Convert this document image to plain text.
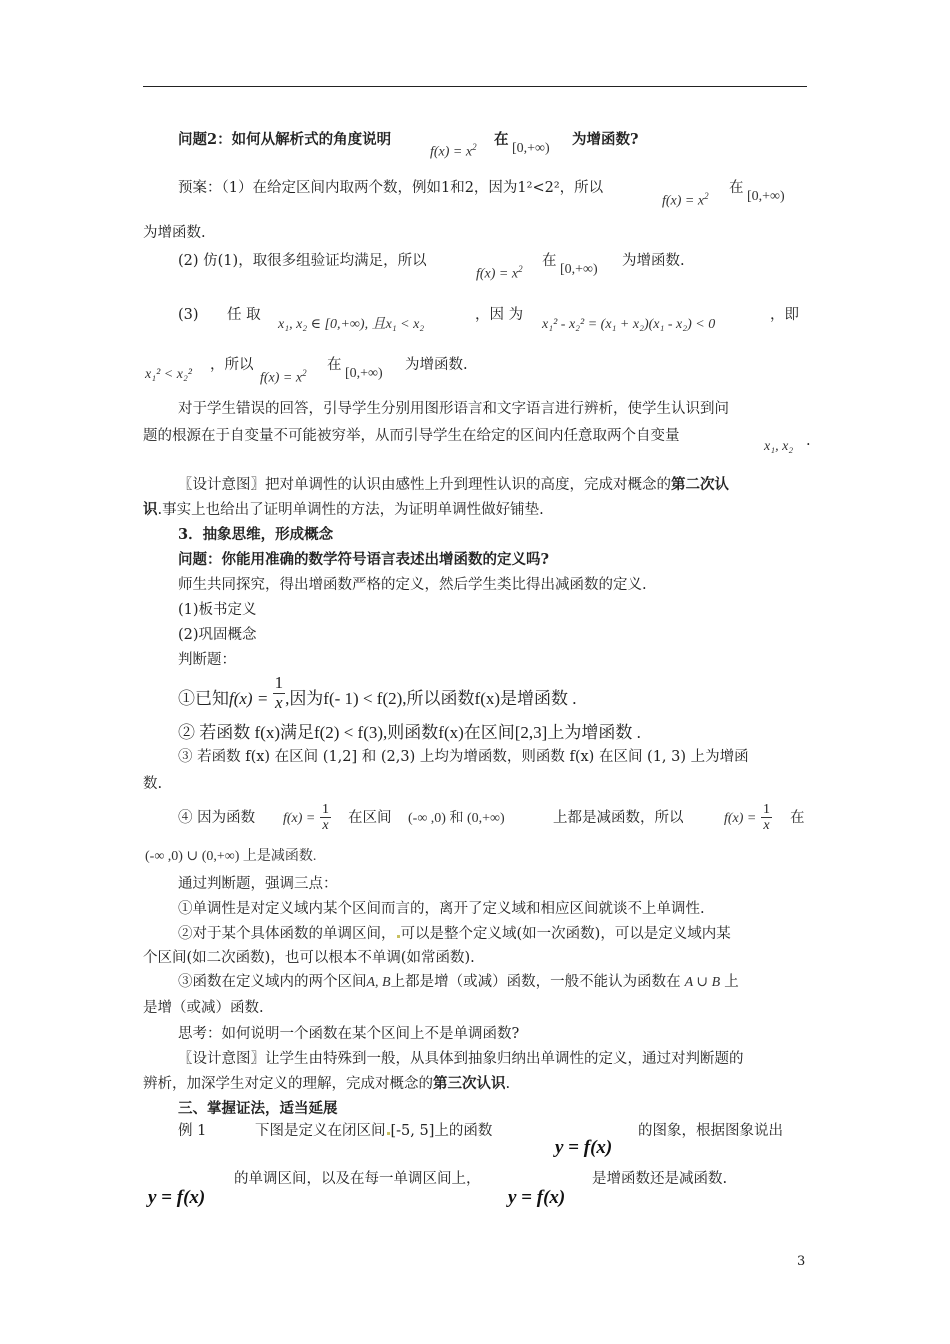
问题2：如何从解析式的角度说明
$f(x) = x^2$ 在
[0,+∞)
为增函数?
预案：（1）在给定区间内取两个数，例如1和2，因为1²<2²，所以
$f(x) = x^2$ 在
[0,+∞)
为增函数.
(2) 仿(1)，取很多组验证均满足，所以
$f(x) = x^2$ 在
[0,+∞)
为增函数.
(3) 任 取
x₁, x₂ ∈ [0,+∞), 且x₁ < x₂
，因 为
x₁² - x₂² = (x₁ + x₂)(x₁ - x₂) < 0
，即
x₁² < x₂²
，所以
$f(x) = x^2$ 在
[0,+∞)
为增函数.
对于学生错误的回答，引导学生分别用图形语言和文字语言进行辨析，使学生认识到问
题的根源在于自变量不可能被穷举，从而引导学生在给定的区间内任意取两个自变量
x₁, x₂ .
〖设计意图〗把对单调性的认识由感性上升到理性认识的高度，完成对概念的第二次认
识.事实上也给出了证明单调性的方法，为证明单调性做好铺垫.
3．抽象思维，形成概念
问题：你能用准确的数学符号语言表述出增函数的定义吗?
师生共同探究，得出增函数严格的定义，然后学生类比得出减函数的定义.
(1)板书定义
(2)巩固概念
判断题：
①已知$f(x) = \frac{1}{x}$ ,因为f(- 1) < f(2),所以函数f(x)是增函数 .
② 若函数 f(x)满足f(2) < f(3),则函数f(x)在区间[2,3]上为增函数 .
③ 若函数 f(x) 在区间 (1,2] 和 (2,3) 上均为增函数，则函数 f(x) 在区间 (1, 3) 上为增函
数.
④ 因为函数 $f(x) = \frac{1}{x}$ 在区间 (-∞ ,0) 和 (0,+∞)	上都是减函数，所以	$f(x) = \frac{1}{x}$ 在
(-∞ ,0) ∪ (0,+∞) 上是减函数.
通过判断题，强调三点：
①单调性是对定义域内某个区间而言的，离开了定义域和相应区间就谈不上单调性.
②对于某个具体函数的单调区间， 可以是整个定义域(如一次函数)，可以是定义域内某
个区间(如二次函数)，也可以根本不单调(如常函数).
③函数在定义域内的两个区间A, B上都是增（或减）函数，一般不能认为函数在 A ∪ B 上
是增（或减）函数.
思考：如何说明一个函数在某个区间上不是单调函数?
〖设计意图〗让学生由特殊到一般，从具体到抽象归纳出单调性的定义，通过对判断题的
辨析，加深学生对定义的理解，完成对概念的第三次认识.
三、掌握证法，适当延展
例 1	下图是定义在闭区间 [-5, 5]上的函数
y = f(x)
的图象，根据图象说出
y = f(x)
的单调区间，以及在每一单调区间上，
y = f(x)
是增函数还是减函数.
3
